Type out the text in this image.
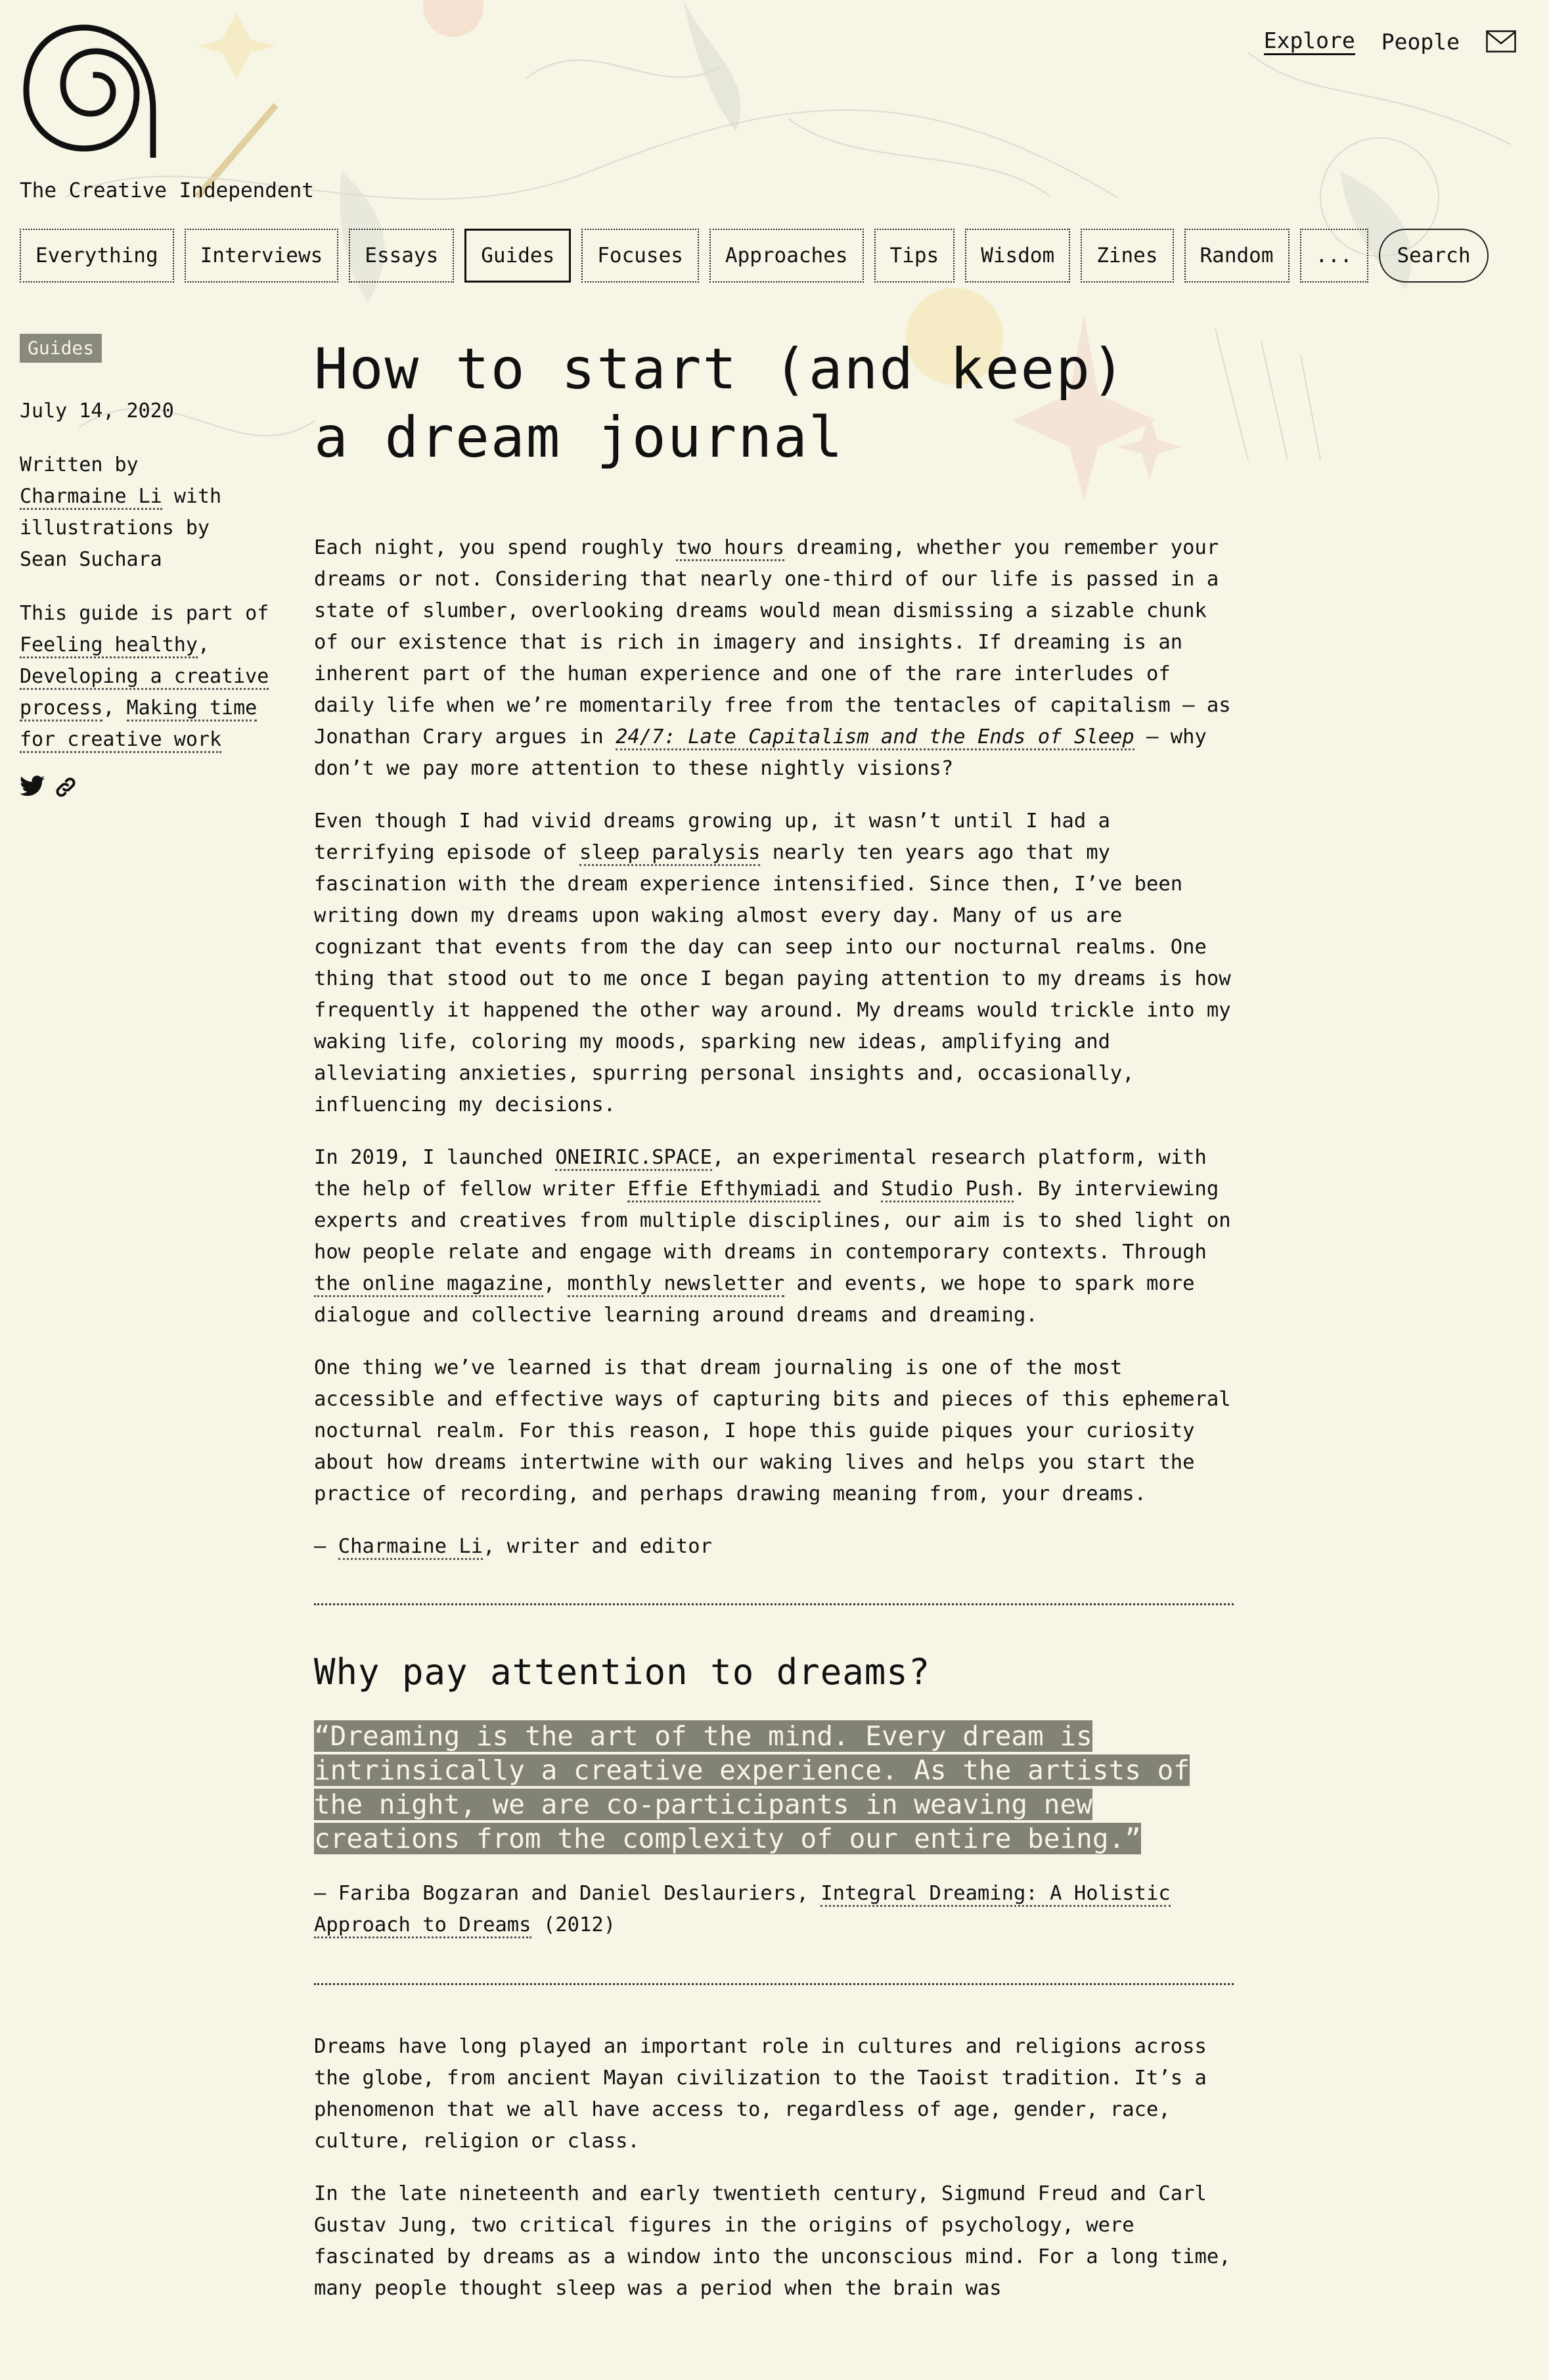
The Creative Independent
Explore People
Everything	Interviews	Essays	Guides	Focuses	Approaches	Tips	Wisdom	Zines	Random	...	Search
Guides
July 14, 2020
Written by
Charmaine Li with
illustrations by
Sean Suchara
This guide is part of Feeling healthy, Developing a creative process, Making time for creative work
How to start (and keep)
a dream journal

Each night, you spend roughly two hours dreaming, whether you remember your dreams or not. Considering that nearly one-third of our life is passed in a state of slumber, overlooking dreams would mean dismissing a sizable chunk of our existence that is rich in imagery and insights. If dreaming is an inherent part of the human experience and one of the rare interludes of daily life when we’re momentarily free from the tentacles of capitalism — as Jonathan Crary argues in 24/7: Late Capitalism and the Ends of Sleep — why don’t we pay more attention to these nightly visions?

Even though I had vivid dreams growing up, it wasn’t until I had a terrifying episode of sleep paralysis nearly ten years ago that my fascination with the dream experience intensified. Since then, I’ve been writing down my dreams upon waking almost every day. Many of us are cognizant that events from the day can seep into our nocturnal realms. One thing that stood out to me once I began paying attention to my dreams is how frequently it happened the other way around. My dreams would trickle into my waking life, coloring my moods, sparking new ideas, amplifying and alleviating anxieties, spurring personal insights and, occasionally, influencing my decisions.

In 2019, I launched ONEIRIC.SPACE, an experimental research platform, with the help of fellow writer Effie Efthymiadi and Studio Push. By interviewing experts and creatives from multiple disciplines, our aim is to shed light on how people relate and engage with dreams in contemporary contexts. Through the online magazine, monthly newsletter and events, we hope to spark more dialogue and collective learning around dreams and dreaming.

One thing we’ve learned is that dream journaling is one of the most accessible and effective ways of capturing bits and pieces of this ephemeral nocturnal realm. For this reason, I hope this guide piques your curiosity about how dreams intertwine with our waking lives and helps you start the practice of recording, and perhaps drawing meaning from, your dreams.

— Charmaine Li, writer and editor

Why pay attention to dreams?
“Dreaming is the art of the mind. Every dream is intrinsically a creative experience. As the artists of the night, we are co-participants in weaving new creations from the complexity of our entire being.”

— Fariba Bogzaran and Daniel Deslauriers, Integral Dreaming: A Holistic Approach to Dreams (2012)

Dreams have long played an important role in cultures and religions across the globe, from ancient Mayan civilization to the Taoist tradition. It’s a phenomenon that we all have access to, regardless of age, gender, race, culture, religion or class.

In the late nineteenth and early twentieth century, Sigmund Freud and Carl Gustav Jung, two critical figures in the origins of psychology, were fascinated by dreams as a window into the unconscious mind. For a long time, many people thought sleep was a period when the brain was
